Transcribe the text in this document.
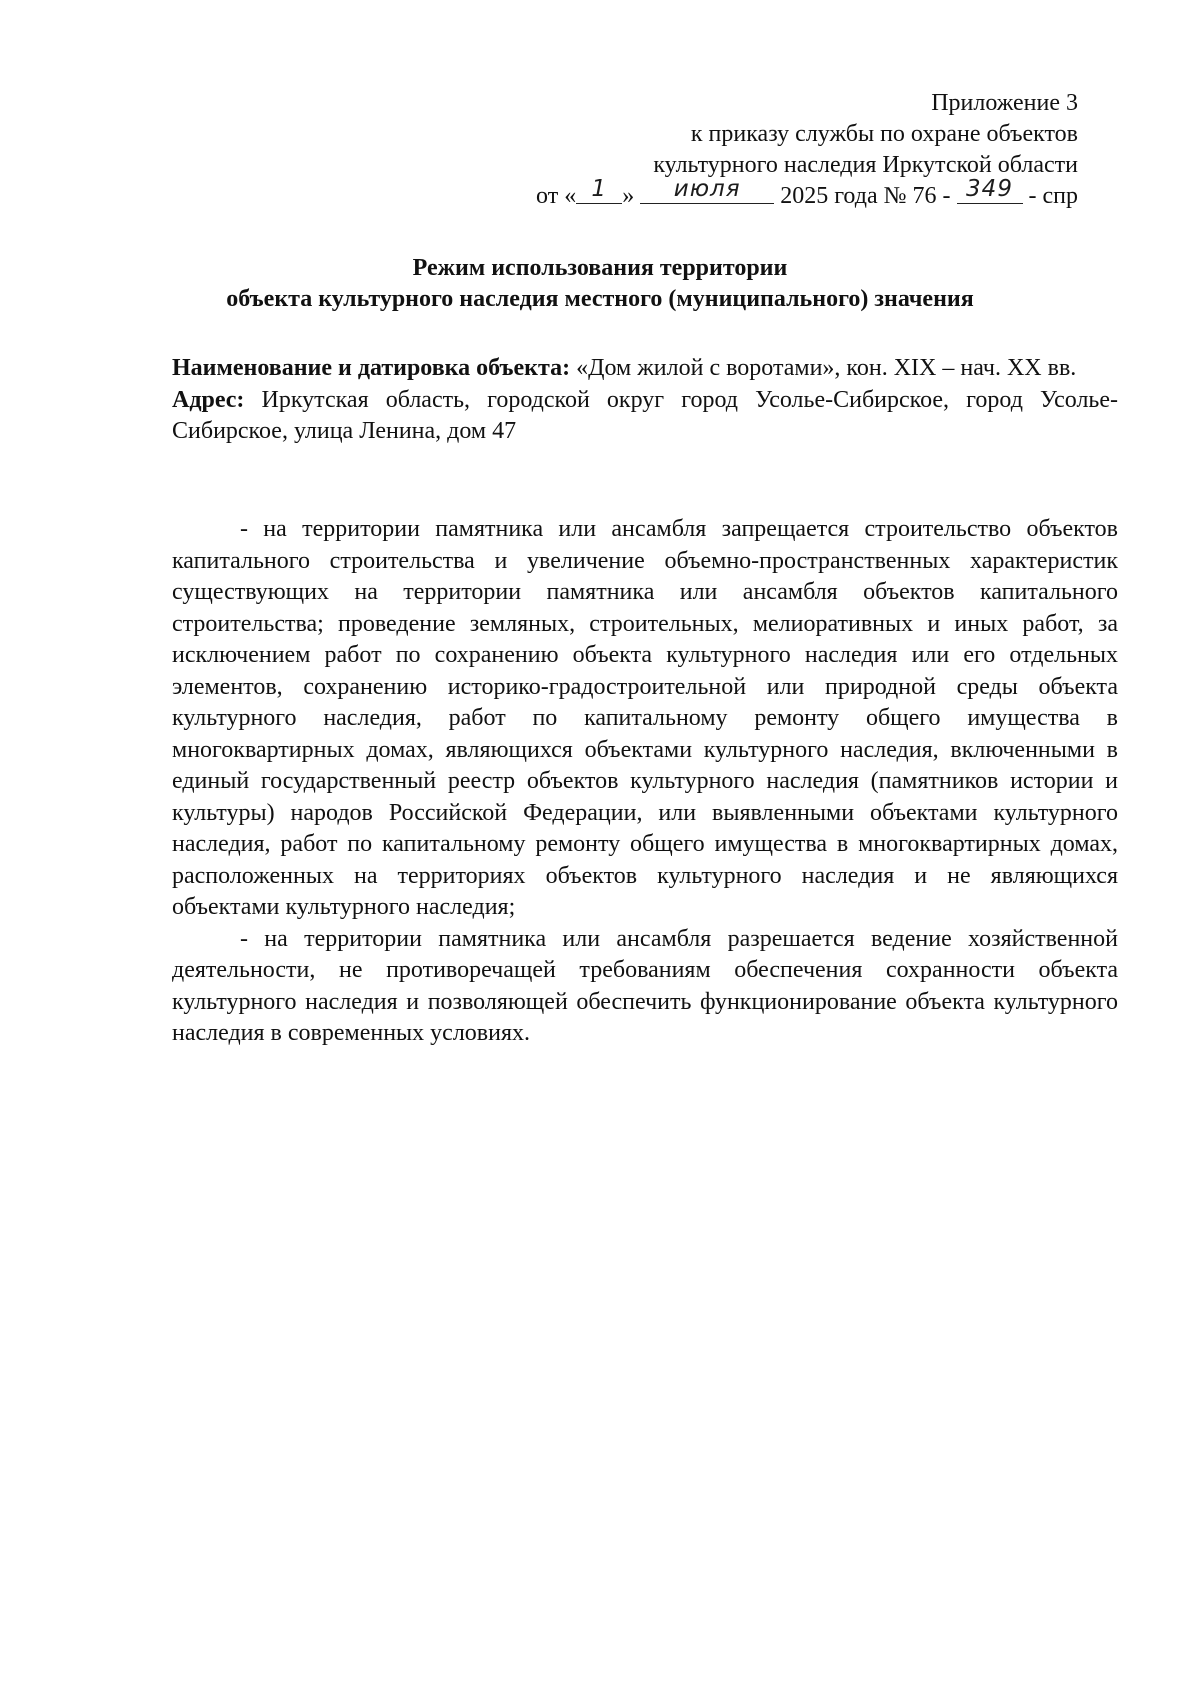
Приложение 3
к приказу службы по охране объектов
культурного наследия Иркутской области
от « 1 » июля 2025 года № 76 - 349 - спр
Режим использования территории
объекта культурного наследия местного (муниципального) значения

Наименование и датировка объекта: «Дом жилой с воротами», кон. XIX – нач. XX вв.

Адрес: Иркутская область, городской округ город Усолье-Сибирское, город Усолье-Сибирское, улица Ленина, дом 47

- на территории памятника или ансамбля запрещается строительство объектов капитального строительства и увеличение объемно-пространственных характеристик существующих на территории памятника или ансамбля объектов капитального строительства; проведение земляных, строительных, мелиоративных и иных работ, за исключением работ по сохранению объекта культурного наследия или его отдельных элементов, сохранению историко-градостроительной или природной среды объекта культурного наследия, работ по капитальному ремонту общего имущества в многоквартирных домах, являющихся объектами культурного наследия, включенными в единый государственный реестр объектов культурного наследия (памятников истории и культуры) народов Российской Федерации, или выявленными объектами культурного наследия, работ по капитальному ремонту общего имущества в многоквартирных домах, расположенных на территориях объектов культурного наследия и не являющихся объектами культурного наследия;

- на территории памятника или ансамбля разрешается ведение хозяйственной деятельности, не противоречащей требованиям обеспечения сохранности объекта культурного наследия и позволяющей обеспечить функционирование объекта культурного наследия в современных условиях.
